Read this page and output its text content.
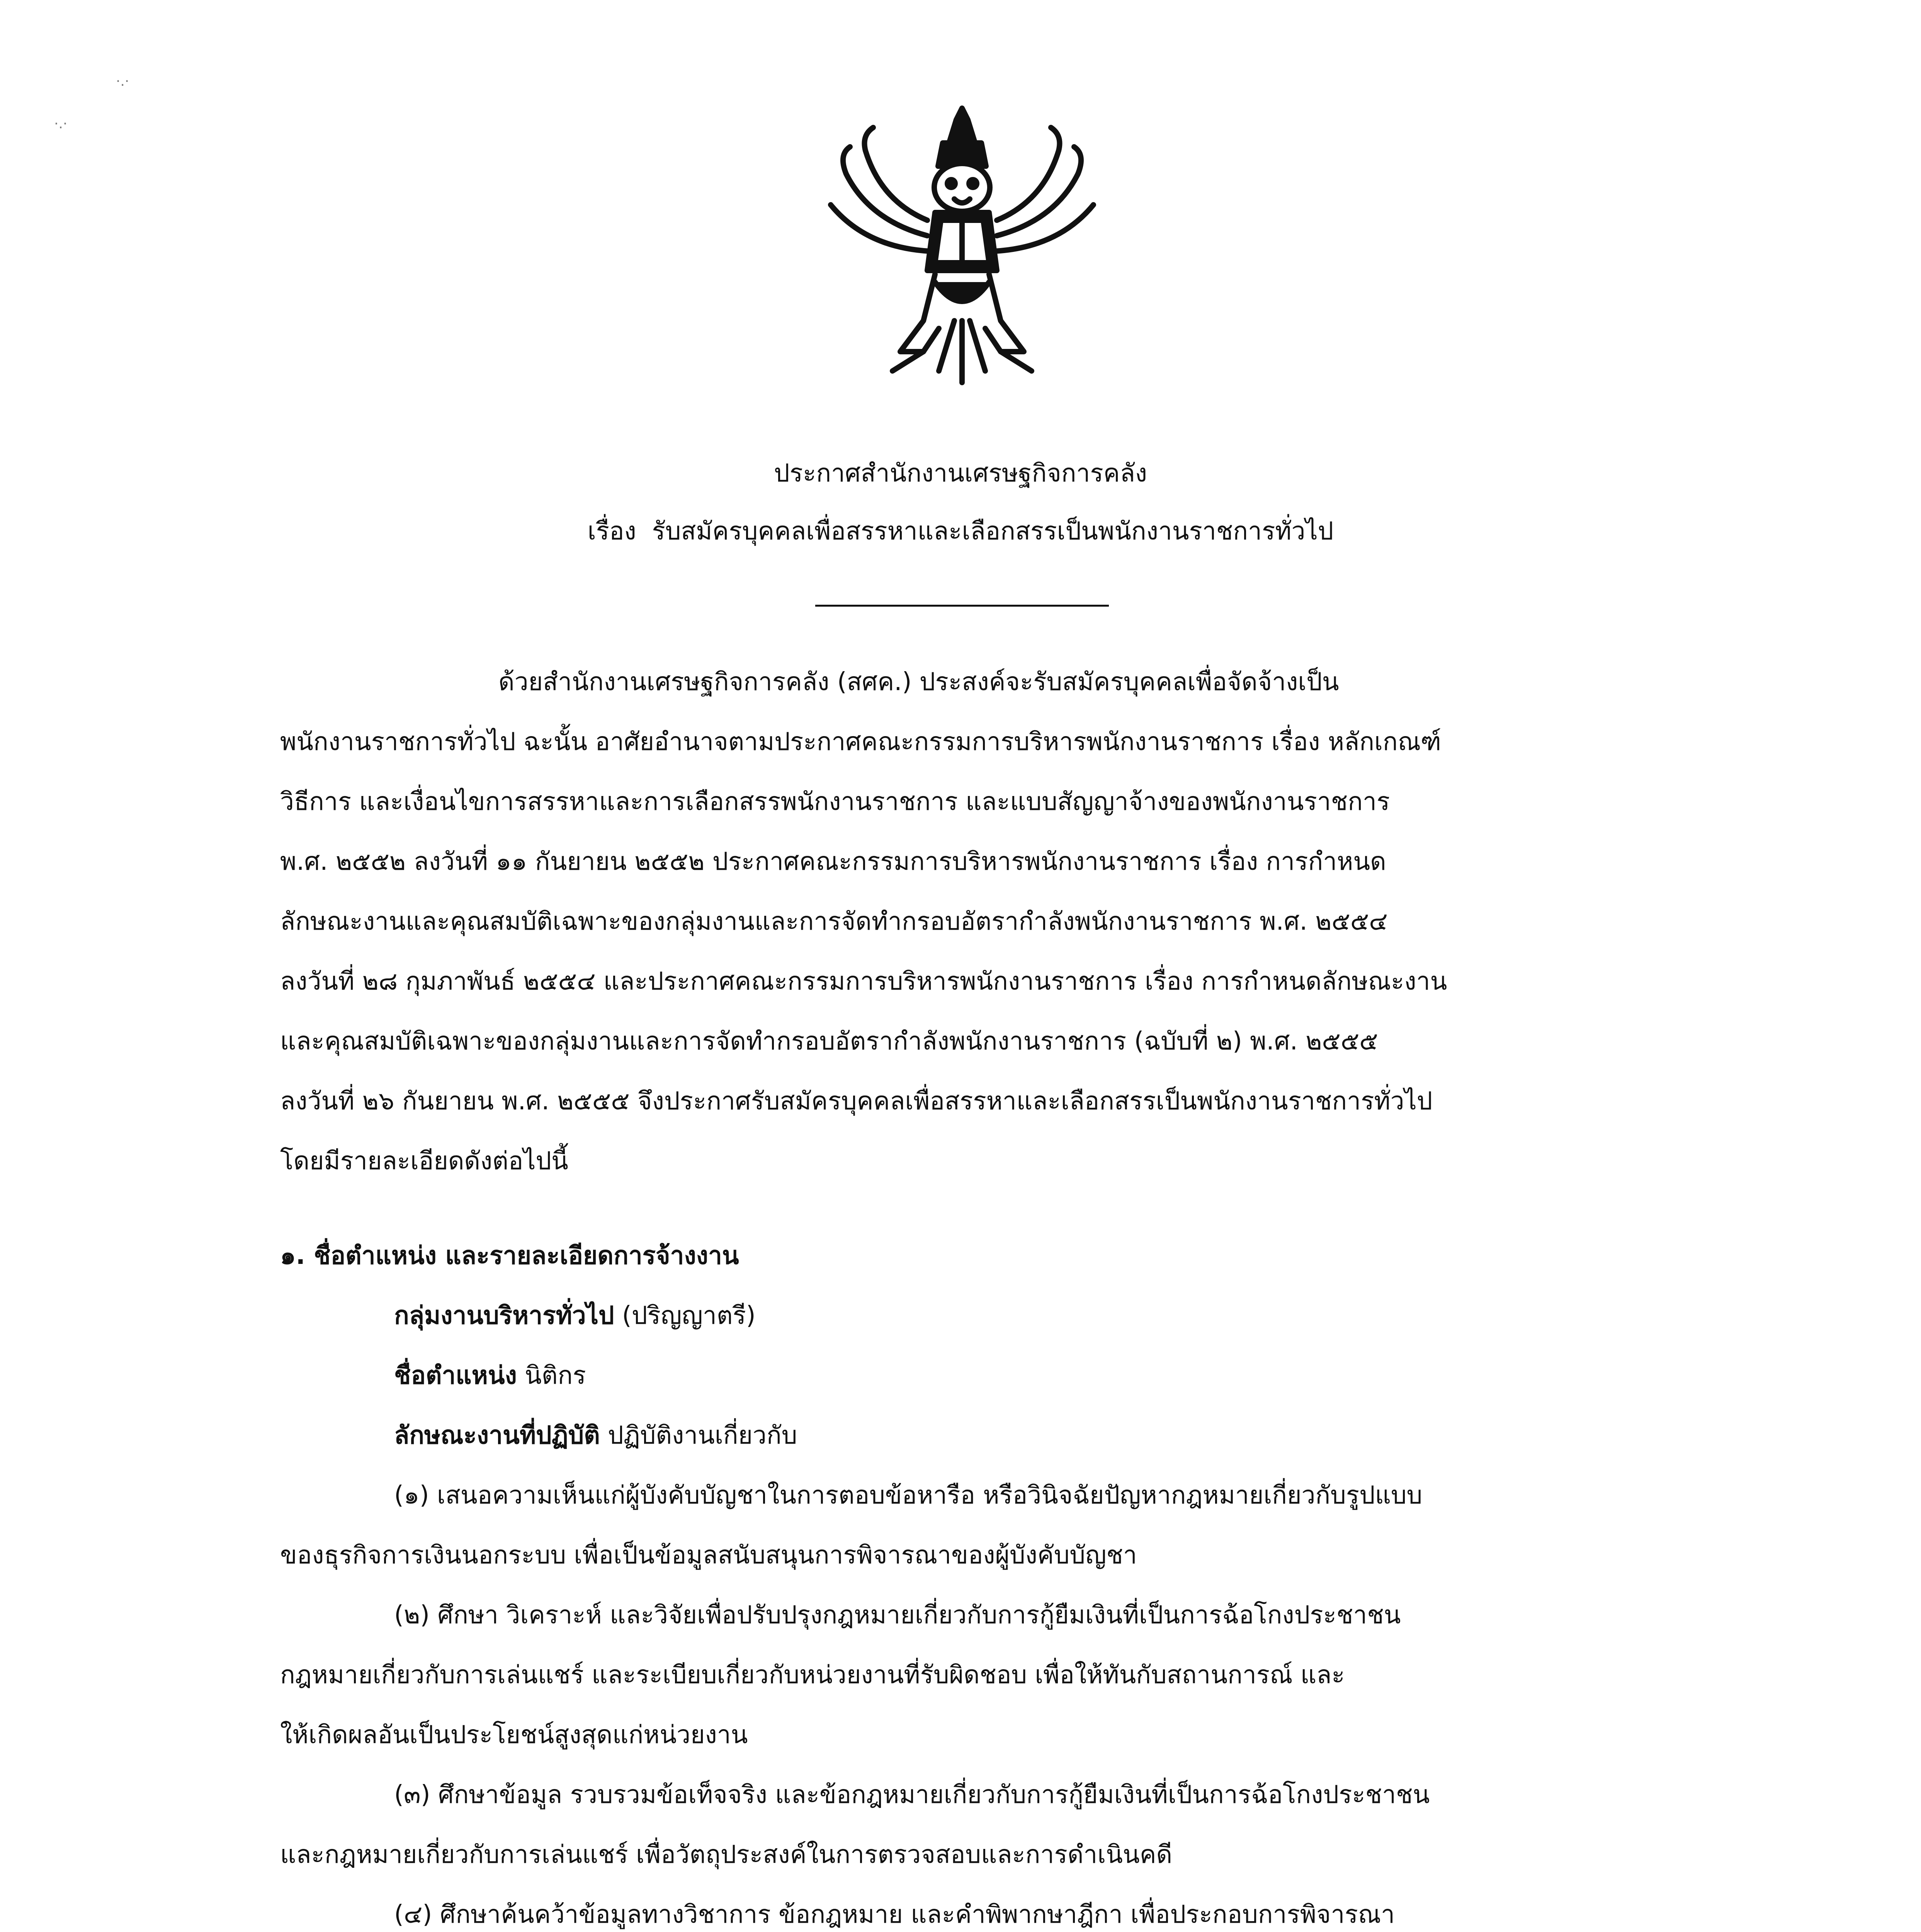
·.·
·.·
ประกาศสำนักงานเศรษฐกิจการคลัง
เรื่อง รับสมัครบุคคลเพื่อสรรหาและเลือกสรรเป็นพนักงานราชการทั่วไป
ด้วยสำนักงานเศรษฐกิจการคลัง (สศค.) ประสงค์จะรับสมัครบุคคลเพื่อจัดจ้างเป็น
พนักงานราชการทั่วไป ฉะนั้น อาศัยอำนาจตามประกาศคณะกรรมการบริหารพนักงานราชการ เรื่อง หลักเกณฑ์
วิธีการ และเงื่อนไขการสรรหาและการเลือกสรรพนักงานราชการ และแบบสัญญาจ้างของพนักงานราชการ
พ.ศ. ๒๕๕๒ ลงวันที่ ๑๑ กันยายน ๒๕๕๒ ประกาศคณะกรรมการบริหารพนักงานราชการ เรื่อง การกำหนด
ลักษณะงานและคุณสมบัติเฉพาะของกลุ่มงานและการจัดทำกรอบอัตรากำลังพนักงานราชการ พ.ศ. ๒๕๕๔
ลงวันที่ ๒๘ กุมภาพันธ์ ๒๕๕๔ และประกาศคณะกรรมการบริหารพนักงานราชการ เรื่อง การกำหนดลักษณะงาน
และคุณสมบัติเฉพาะของกลุ่มงานและการจัดทำกรอบอัตรากำลังพนักงานราชการ (ฉบับที่ ๒) พ.ศ. ๒๕๕๕
ลงวันที่ ๒๖ กันยายน พ.ศ. ๒๕๕๕ จึงประกาศรับสมัครบุคคลเพื่อสรรหาและเลือกสรรเป็นพนักงานราชการทั่วไป
โดยมีรายละเอียดดังต่อไปนี้
๑. ชื่อตำแหน่ง และรายละเอียดการจ้างงาน
กลุ่มงานบริหารทั่วไป (ปริญญาตรี)
ชื่อตำแหน่ง นิติกร
ลักษณะงานที่ปฏิบัติ ปฏิบัติงานเกี่ยวกับ
(๑) เสนอความเห็นแก่ผู้บังคับบัญชาในการตอบข้อหารือ หรือวินิจฉัยปัญหากฎหมายเกี่ยวกับรูปแบบ
ของธุรกิจการเงินนอกระบบ เพื่อเป็นข้อมูลสนับสนุนการพิจารณาของผู้บังคับบัญชา
(๒) ศึกษา วิเคราะห์ และวิจัยเพื่อปรับปรุงกฎหมายเกี่ยวกับการกู้ยืมเงินที่เป็นการฉ้อโกงประชาชน
กฎหมายเกี่ยวกับการเล่นแชร์ และระเบียบเกี่ยวกับหน่วยงานที่รับผิดชอบ เพื่อให้ทันกับสถานการณ์ และ
ให้เกิดผลอันเป็นประโยชน์สูงสุดแก่หน่วยงาน
(๓) ศึกษาข้อมูล รวบรวมข้อเท็จจริง และข้อกฎหมายเกี่ยวกับการกู้ยืมเงินที่เป็นการฉ้อโกงประชาชน
และกฎหมายเกี่ยวกับการเล่นแชร์ เพื่อวัตถุประสงค์ในการตรวจสอบและการดำเนินคดี
(๔) ศึกษาค้นคว้าข้อมูลทางวิชาการ ข้อกฎหมาย และคำพิพากษาฎีกา เพื่อประกอบการพิจารณา
